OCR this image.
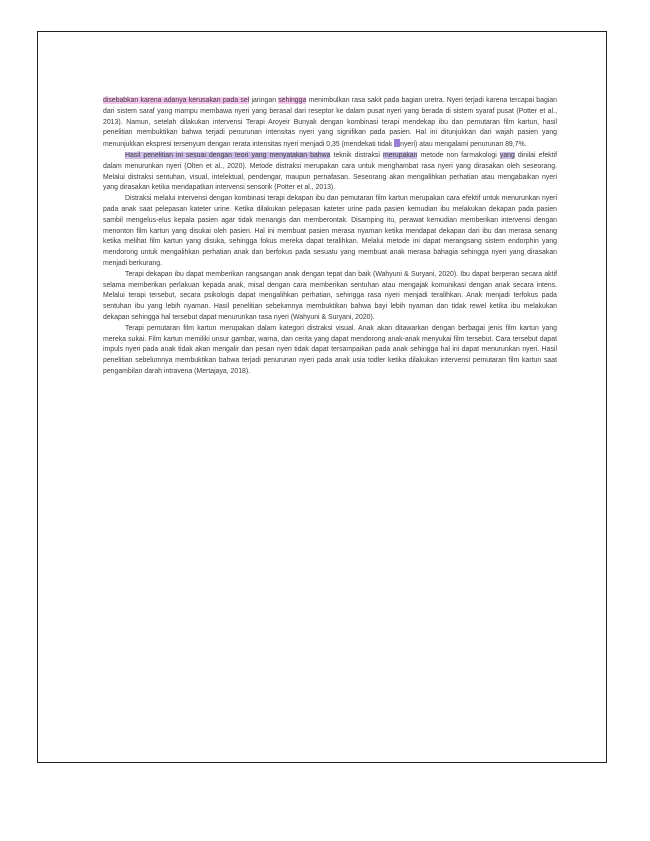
disebabkan karena adanya kerusakan pada sel jaringan sehingga menimbulkan rasa sakit pada bagian uretra. Nyeri terjadi karena tercapai bagian dari sistem saraf yang mampu membawa nyeri yang berasal dari reseptor ke dalam pusat nyeri yang berada di sistem syaraf pusat (Potter et al., 2013). Namun, setelah dilakukan intervensi Terapi Aroyeir Bunyak dengan kombinasi terapi mendekap ibu dan pemutaran film kartun, hasil penelitian membuktikan bahwa terjadi penurunan intensitas nyeri yang signifikan pada pasien. Hal ini ditunjukkan dari wajah pasien yang menunjukkan ekspresi tersenyum dengan rerata intensitas nyeri menjadi 0,35 (mendekati tidak nyeri) atau mengalami penurunan 89,7%.

Hasil penelitian ini sesuai dengan teori yang menyatakan bahwa teknik distraksi merupakan metode non farmakologi yang dinilai efektif dalam menurunkan nyeri (Olten et al., 2020). Metode distraksi merupakan cara untuk menghambat rasa nyeri yang dirasakan oleh seseorang. Melalui distraksi sentuhan, visual, intelektual, pendengar, maupun pernafasan. Seseorang akan mengalihkan perhatian atau mengabaikan nyeri yang dirasakan ketika mendapatkan intervensi sensorik (Potter et al., 2013).

Distraksi melalui intervensi dengan kombinasi terapi dekapan ibu dan pemutaran film kartun merupakan cara efektif untuk menurunkan nyeri pada anak saat pelepasan kateter urine. Ketika dilakukan pelepasan kateter urine pada pasien kemudian ibu melakukan dekapan pada pasien sambil mengelus-elus kepala pasien agar tidak menangis dan memberontak. Disamping itu, perawat kemudian memberikan intervensi dengan menonton film kartun yang disukai oleh pasien. Hal ini membuat pasien merasa nyaman ketika mendapat dekapan dari ibu dan merasa senang ketika melihat film kartun yang disuka, sehingga fokus mereka dapat teralihkan. Melalui metode ini dapat merangsang sistem endorphin yang mendorong untuk mengalihkan perhatian anak dan berfokus pada sesuatu yang membuat anak merasa bahagia sehingga nyeri yang dirasakan menjadi berkurang.

Terapi dekapan ibu dapat memberikan rangsangan anak dengan tepat dan baik (Wahyuni & Suryani, 2020). Ibu dapat berperan secara aktif selama memberikan perlakuan kepada anak, misal dengan cara memberikan sentuhan atau mengajak komunikasi dengan anak secara intens. Melalui terapi tersebut, secara psikologis dapat mengalihkan perhatian, sehingga rasa nyeri menjadi teralihkan. Anak menjadi terfokus pada sentuhan ibu yang lebih nyaman. Hasil penelitian sebelumnya membuktikan bahwa bayi lebih nyaman dan tidak rewel ketika ibu melakukan dekapan sehingga hal tersebut dapat menurunkan rasa nyeri (Wahyuni & Suryani, 2020).

Terapi pemutaran film kartun merupakan dalam kategori distraksi visual. Anak akan ditawarkan dengan berbagai jenis film kartun yang mereka sukai. Film kartun memiliki unsur gambar, warna, dan cerita yang dapat mendorong anak-anak menyukai film tersebut. Cara tersebut dapat impuls nyeri pada anak tidak akan mengalir dan pesan nyeri tidak dapat tersampaikan pada anak sehingga hal ini dapat menurunkan nyeri. Hasil penelitian sebelumnya membuktikan bahwa terjadi penurunan nyeri pada anak usia todler ketika dilakukan intervensi pemutaran film kartun saat pengambilan darah intravena (Mertajaya, 2018).
